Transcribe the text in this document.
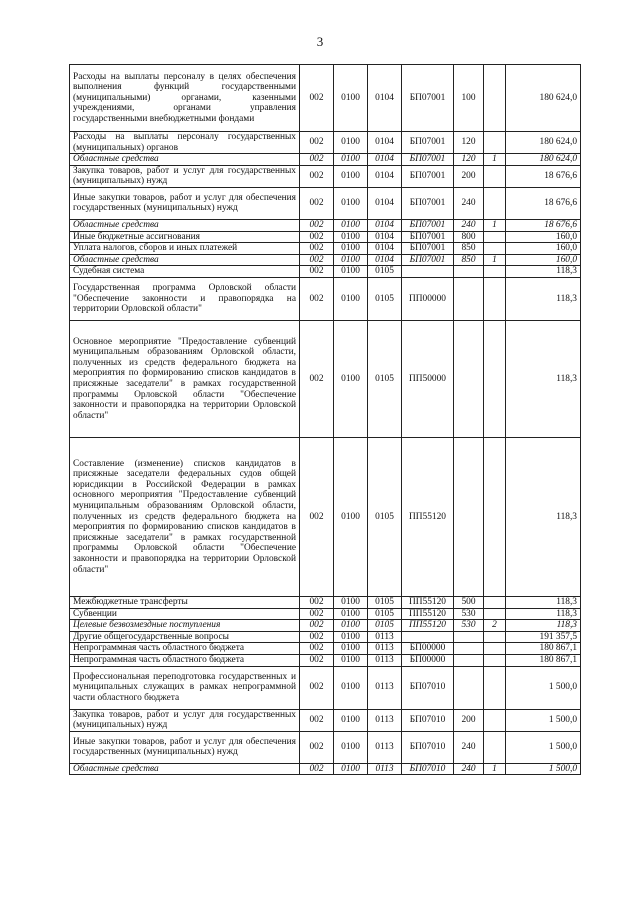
3
Расходы на выплаты персоналу в целях обеспечения выполнения функций государственными (муниципальными) органами, казенными учреждениями, органами управления государственными внебюджетными фондами	002	0100	0104	БП07001	100		180 624,0
Расходы на выплаты персоналу государственных (муниципальных) органов	002	0100	0104	БП07001	120		180 624,0
Областные средства	002	0100	0104	БП07001	120	1	180 624,0
Закупка товаров, работ и услуг для государственных (муниципальных) нужд	002	0100	0104	БП07001	200		18 676,6
Иные закупки товаров, работ и услуг для обеспечения государственных (муниципальных) нужд	002	0100	0104	БП07001	240		18 676,6
Областные средства	002	0100	0104	БП07001	240	1	18 676,6
Иные бюджетные ассигнования	002	0100	0104	БП07001	800		160,0
Уплата налогов, сборов и иных платежей	002	0100	0104	БП07001	850		160,0
Областные средства	002	0100	0104	БП07001	850	1	160,0
Судебная система	002	0100	0105				118,3
Государственная программа Орловской области "Обеспечение законности и правопорядка на территории Орловской области"	002	0100	0105	ПП00000			118,3
Основное мероприятие "Предоставление субвенций муниципальным образованиям Орловской области, полученных из средств федерального бюджета на мероприятия по формированию списков кандидатов в присяжные заседатели" в рамках государственной программы Орловской области "Обеспечение законности и правопорядка на территории Орловской области"	002	0100	0105	ПП50000			118,3
Составление (изменение) списков кандидатов в присяжные заседатели федеральных судов общей юрисдикции в Российской Федерации в рамках основного мероприятия "Предоставление субвенций муниципальным образованиям Орловской области, полученных из средств федерального бюджета на мероприятия по формированию списков кандидатов в присяжные заседатели" в рамках государственной программы Орловской области "Обеспечение законности и правопорядка на территории Орловской области"	002	0100	0105	ПП55120			118,3
Межбюджетные трансферты	002	0100	0105	ПП55120	500		118,3
Субвенции	002	0100	0105	ПП55120	530		118,3
Целевые безвозмездные поступления	002	0100	0105	ПП55120	530	2	118,3
Другие общегосударственные вопросы	002	0100	0113				191 357,5
Непрограммная часть областного бюджета	002	0100	0113	БП00000			180 867,1
Непрограммная часть областного бюджета	002	0100	0113	БП00000			180 867,1
Профессиональная переподготовка государственных и муниципальных служащих в рамках непрограммной части областного бюджета	002	0100	0113	БП07010			1 500,0
Закупка товаров, работ и услуг для государственных (муниципальных) нужд	002	0100	0113	БП07010	200		1 500,0
Иные закупки товаров, работ и услуг для обеспечения государственных (муниципальных) нужд	002	0100	0113	БП07010	240		1 500,0
Областные средства	002	0100	0113	БП07010	240	1	1 500,0
